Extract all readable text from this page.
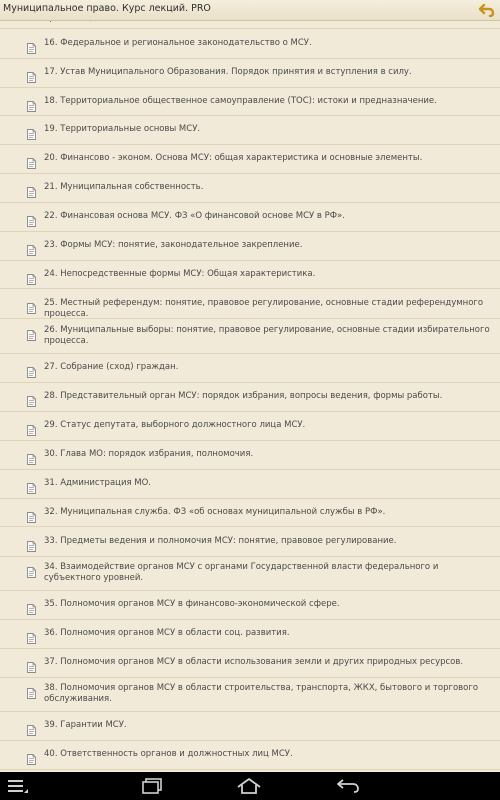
16. Федеральное и региональное законодательство о МСУ.
17. Устав Муниципального Образования. Порядок принятия и вступления в силу.
18. Территориальное общественное самоуправление (ТОС): истоки и предназначение.
19. Территориальные основы МСУ.
20. Финансово - эконом. Основа МСУ: общая характеристика и основные элементы.
21. Муниципальная собственность.
22. Финансовая основа МСУ. ФЗ «О финансовой основе МСУ в РФ».
23. Формы МСУ: понятие, законодательное закрепление.
24. Непосредственные формы МСУ: Общая характеристика.
25. Местный референдум: понятие, правовое регулирование, основные стадии референдумного процесса.
26. Муниципальные выборы: понятие, правовое регулирование, основные стадии избирательного процесса.
27. Собрание (сход) граждан.
28. Представительный орган МСУ: порядок избрания, вопросы ведения, формы работы.
29. Статус депутата, выборного должностного лица МСУ.
30. Глава МО: порядок избрания, полномочия.
31. Администрация МО.
32. Муниципальная служба. ФЗ «об основах муниципальной службы в РФ».
33. Предметы ведения и полномочия МСУ: понятие, правовое регулирование.
34. Взаимодействие органов МСУ с органами Государственной власти федерального и субъектного уровней.
35. Полномочия органов МСУ в финансово-экономической сфере.
36. Полномочия органов МСУ в области соц. развития.
37. Полномочия органов МСУ в области использования земли и других природных ресурсов.
38. Полномочия органов МСУ в области строительства, транспорта, ЖКХ, бытового и торгового обслуживания.
39. Гарантии МСУ.
40. Ответственность органов и должностных лиц МСУ.
Муниципальное право. Курс лекций. PRO
